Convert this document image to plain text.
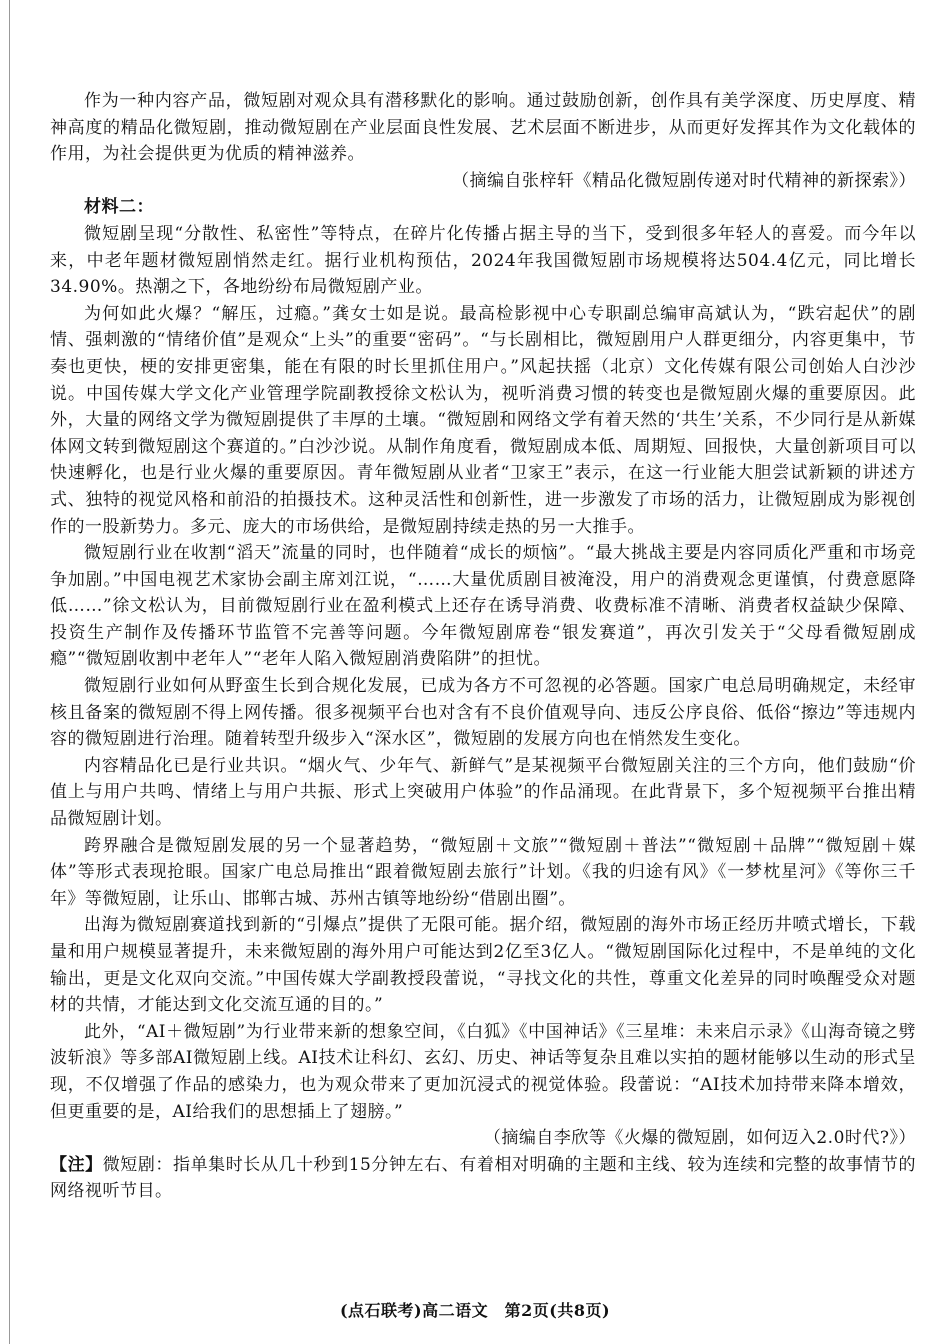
作为一种内容产品，微短剧对观众具有潜移默化的影响。通过鼓励创新，创作具有美学深度、历史厚度、精神高度的精品化微短剧，推动微短剧在产业层面良性发展、艺术层面不断进步，从而更好发挥其作为文化载体的作用，为社会提供更为优质的精神滋养。

（摘编自张梓轩《精品化微短剧传递对时代精神的新探索》）

材料二：

微短剧呈现“分散性、私密性”等特点，在碎片化传播占据主导的当下，受到很多年轻人的喜爱。而今年以来，中老年题材微短剧悄然走红。据行业机构预估，2024年我国微短剧市场规模将达504.4亿元，同比增长34.90%。热潮之下，各地纷纷布局微短剧产业。

为何如此火爆？“解压，过瘾。”龚女士如是说。最高检影视中心专职副总编审高斌认为，“跌宕起伏”的剧情、强刺激的“情绪价值”是观众“上头”的重要“密码”。“与长剧相比，微短剧用户人群更细分，内容更集中，节奏也更快，梗的安排更密集，能在有限的时长里抓住用户。”风起扶摇（北京）文化传媒有限公司创始人白沙沙说。中国传媒大学文化产业管理学院副教授徐文松认为，视听消费习惯的转变也是微短剧火爆的重要原因。此外，大量的网络文学为微短剧提供了丰厚的土壤。“微短剧和网络文学有着天然的‘共生’关系，不少同行是从新媒体网文转到微短剧这个赛道的。”白沙沙说。从制作角度看，微短剧成本低、周期短、回报快，大量创新项目可以快速孵化，也是行业火爆的重要原因。青年微短剧从业者“卫家王”表示，在这一行业能大胆尝试新颖的讲述方式、独特的视觉风格和前沿的拍摄技术。这种灵活性和创新性，进一步激发了市场的活力，让微短剧成为影视创作的一股新势力。多元、庞大的市场供给，是微短剧持续走热的另一大推手。

微短剧行业在收割“滔天”流量的同时，也伴随着“成长的烦恼”。“最大挑战主要是内容同质化严重和市场竞争加剧。”中国电视艺术家协会副主席刘江说，“……大量优质剧目被淹没，用户的消费观念更谨慎，付费意愿降低……”徐文松认为，目前微短剧行业在盈利模式上还存在诱导消费、收费标准不清晰、消费者权益缺少保障、投资生产制作及传播环节监管不完善等问题。今年微短剧席卷“银发赛道”，再次引发关于“父母看微短剧成瘾”“微短剧收割中老年人”“老年人陷入微短剧消费陷阱”的担忧。

微短剧行业如何从野蛮生长到合规化发展，已成为各方不可忽视的必答题。国家广电总局明确规定，未经审核且备案的微短剧不得上网传播。很多视频平台也对含有不良价值观导向、违反公序良俗、低俗“擦边”等违规内容的微短剧进行治理。随着转型升级步入“深水区”，微短剧的发展方向也在悄然发生变化。

内容精品化已是行业共识。“烟火气、少年气、新鲜气”是某视频平台微短剧关注的三个方向，他们鼓励“价值上与用户共鸣、情绪上与用户共振、形式上突破用户体验”的作品涌现。在此背景下，多个短视频平台推出精品微短剧计划。

跨界融合是微短剧发展的另一个显著趋势，“微短剧＋文旅”“微短剧＋普法”“微短剧＋品牌”“微短剧＋媒体”等形式表现抢眼。国家广电总局推出“跟着微短剧去旅行”计划。《我的归途有风》《一梦枕星河》《等你三千年》等微短剧，让乐山、邯郸古城、苏州古镇等地纷纷“借剧出圈”。

出海为微短剧赛道找到新的“引爆点”提供了无限可能。据介绍，微短剧的海外市场正经历井喷式增长，下载量和用户规模显著提升，未来微短剧的海外用户可能达到2亿至3亿人。“微短剧国际化过程中，不是单纯的文化输出，更是文化双向交流。”中国传媒大学副教授段蕾说，“寻找文化的共性，尊重文化差异的同时唤醒受众对题材的共情，才能达到文化交流互通的目的。”

此外，“AI＋微短剧”为行业带来新的想象空间，《白狐》《中国神话》《三星堆：未来启示录》《山海奇镜之劈波斩浪》等多部AI微短剧上线。AI技术让科幻、玄幻、历史、神话等复杂且难以实拍的题材能够以生动的形式呈现，不仅增强了作品的感染力，也为观众带来了更加沉浸式的视觉体验。段蕾说：“AI技术加持带来降本增效，但更重要的是，AI给我们的思想插上了翅膀。”

（摘编自李欣等《火爆的微短剧，如何迈入2.0时代?》）

【注】微短剧：指单集时长从几十秒到15分钟左右、有着相对明确的主题和主线、较为连续和完整的故事情节的网络视听节目。

(点石联考)高二语文　第2页(共8页)
